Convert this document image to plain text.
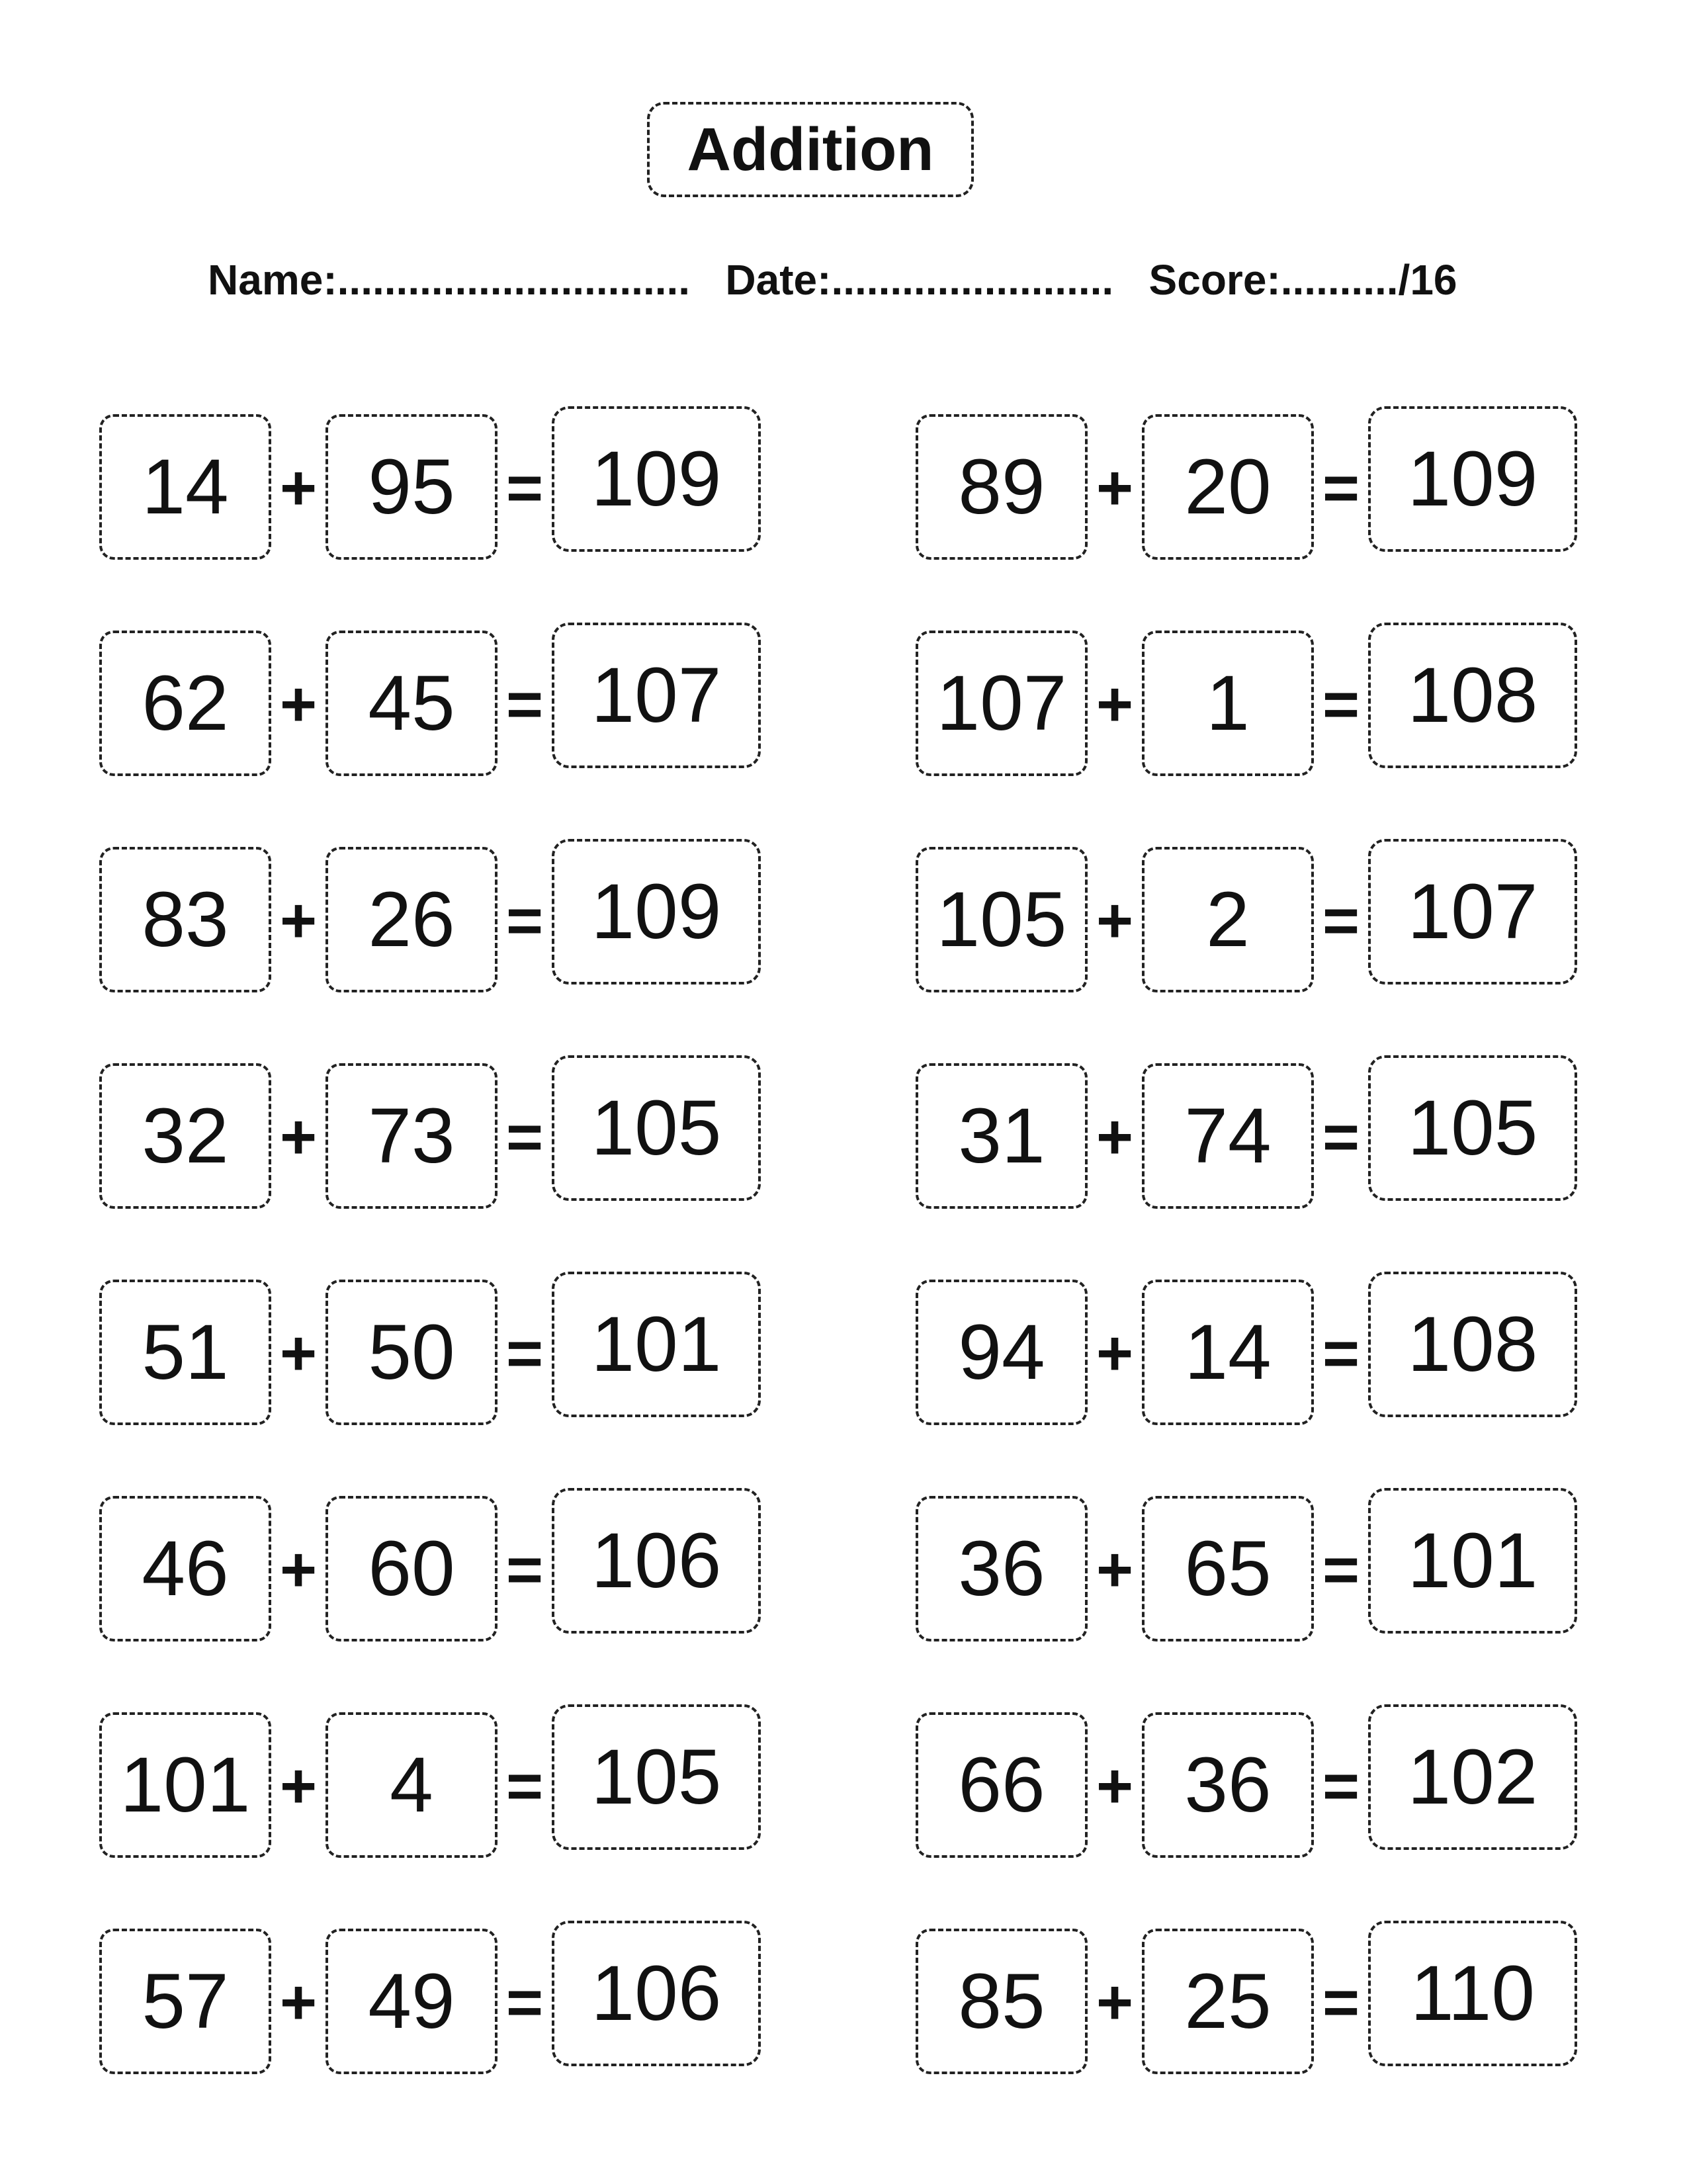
Addition
Name:.............................. Date:........................ Score:........../16
14 + 95 = 109
62 + 45 = 107
83 + 26 = 109
32 + 73 = 105
51 + 50 = 101
46 + 60 = 106
101 + 4	= 105
57 + 49 = 106
89 + 20 = 109
107 + 1	= 108
105 + 2	= 107
31 + 74 = 105
94 + 14 = 108
36 + 65 = 101
66 + 36 = 102
85 + 25 = 110
